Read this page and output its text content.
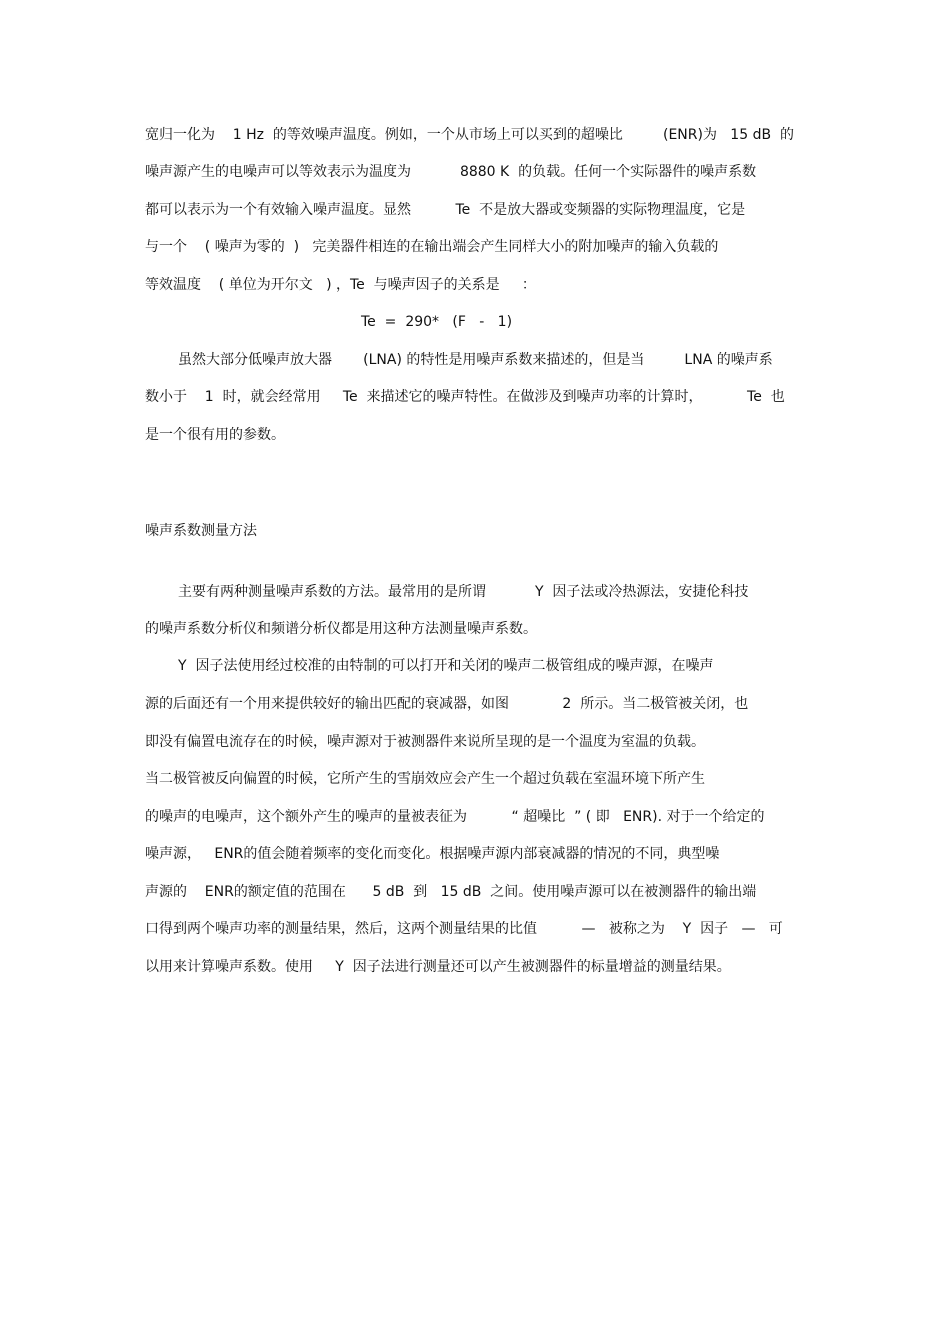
宽归一化为    1 Hz  的等效噪声温度。例如，一个从市场上可以买到的超噪比         (ENR)为   15 dB  的
噪声源产生的电噪声可以等效表示为温度为           8880 K  的负载。任何一个实际器件的噪声系数
都可以表示为一个有效输入噪声温度。显然          Te  不是放大器或变频器的实际物理温度，它是
与一个    ( 噪声为零的  )   完美器件相连的在输出端会产生同样大小的附加噪声的输入负载的
等效温度    ( 单位为开尔文   ) ，Te  与噪声因子的关系是     ：
Te  =  290*   (F   -   1)
虽然大部分低噪声放大器       (LNA) 的特性是用噪声系数来描述的，但是当         LNA 的噪声系
数小于    1  时，就会经常用     Te  来描述它的噪声特性。在做涉及到噪声功率的计算时，          Te  也
是一个很有用的参数。
噪声系数测量方法
主要有两种测量噪声系数的方法。最常用的是所谓           Y  因子法或冷热源法，安捷伦科技
的噪声系数分析仪和频谱分析仪都是用这种方法测量噪声系数。
Y  因子法使用经过校准的由特制的可以打开和关闭的噪声二极管组成的噪声源，在噪声
源的后面还有一个用来提供较好的输出匹配的衰减器，如图            2  所示。当二极管被关闭，也
即没有偏置电流存在的时候，噪声源对于被测器件来说所呈现的是一个温度为室温的负载。
当二极管被反向偏置的时候，它所产生的雪崩效应会产生一个超过负载在室温环境下所产生
的噪声的电噪声，这个额外产生的噪声的量被表征为          “ 超噪比  ” ( 即   ENR). 对于一个给定的
噪声源，   ENR的值会随着频率的变化而变化。根据噪声源内部衰减器的情况的不同，典型噪
声源的    ENR的额定值的范围在      5 dB  到   15 dB  之间。使用噪声源可以在被测器件的输出端
口得到两个噪声功率的测量结果，然后，这两个测量结果的比值          —   被称之为    Y  因子   —   可
以用来计算噪声系数。使用     Y  因子法进行测量还可以产生被测器件的标量增益的测量结果。
